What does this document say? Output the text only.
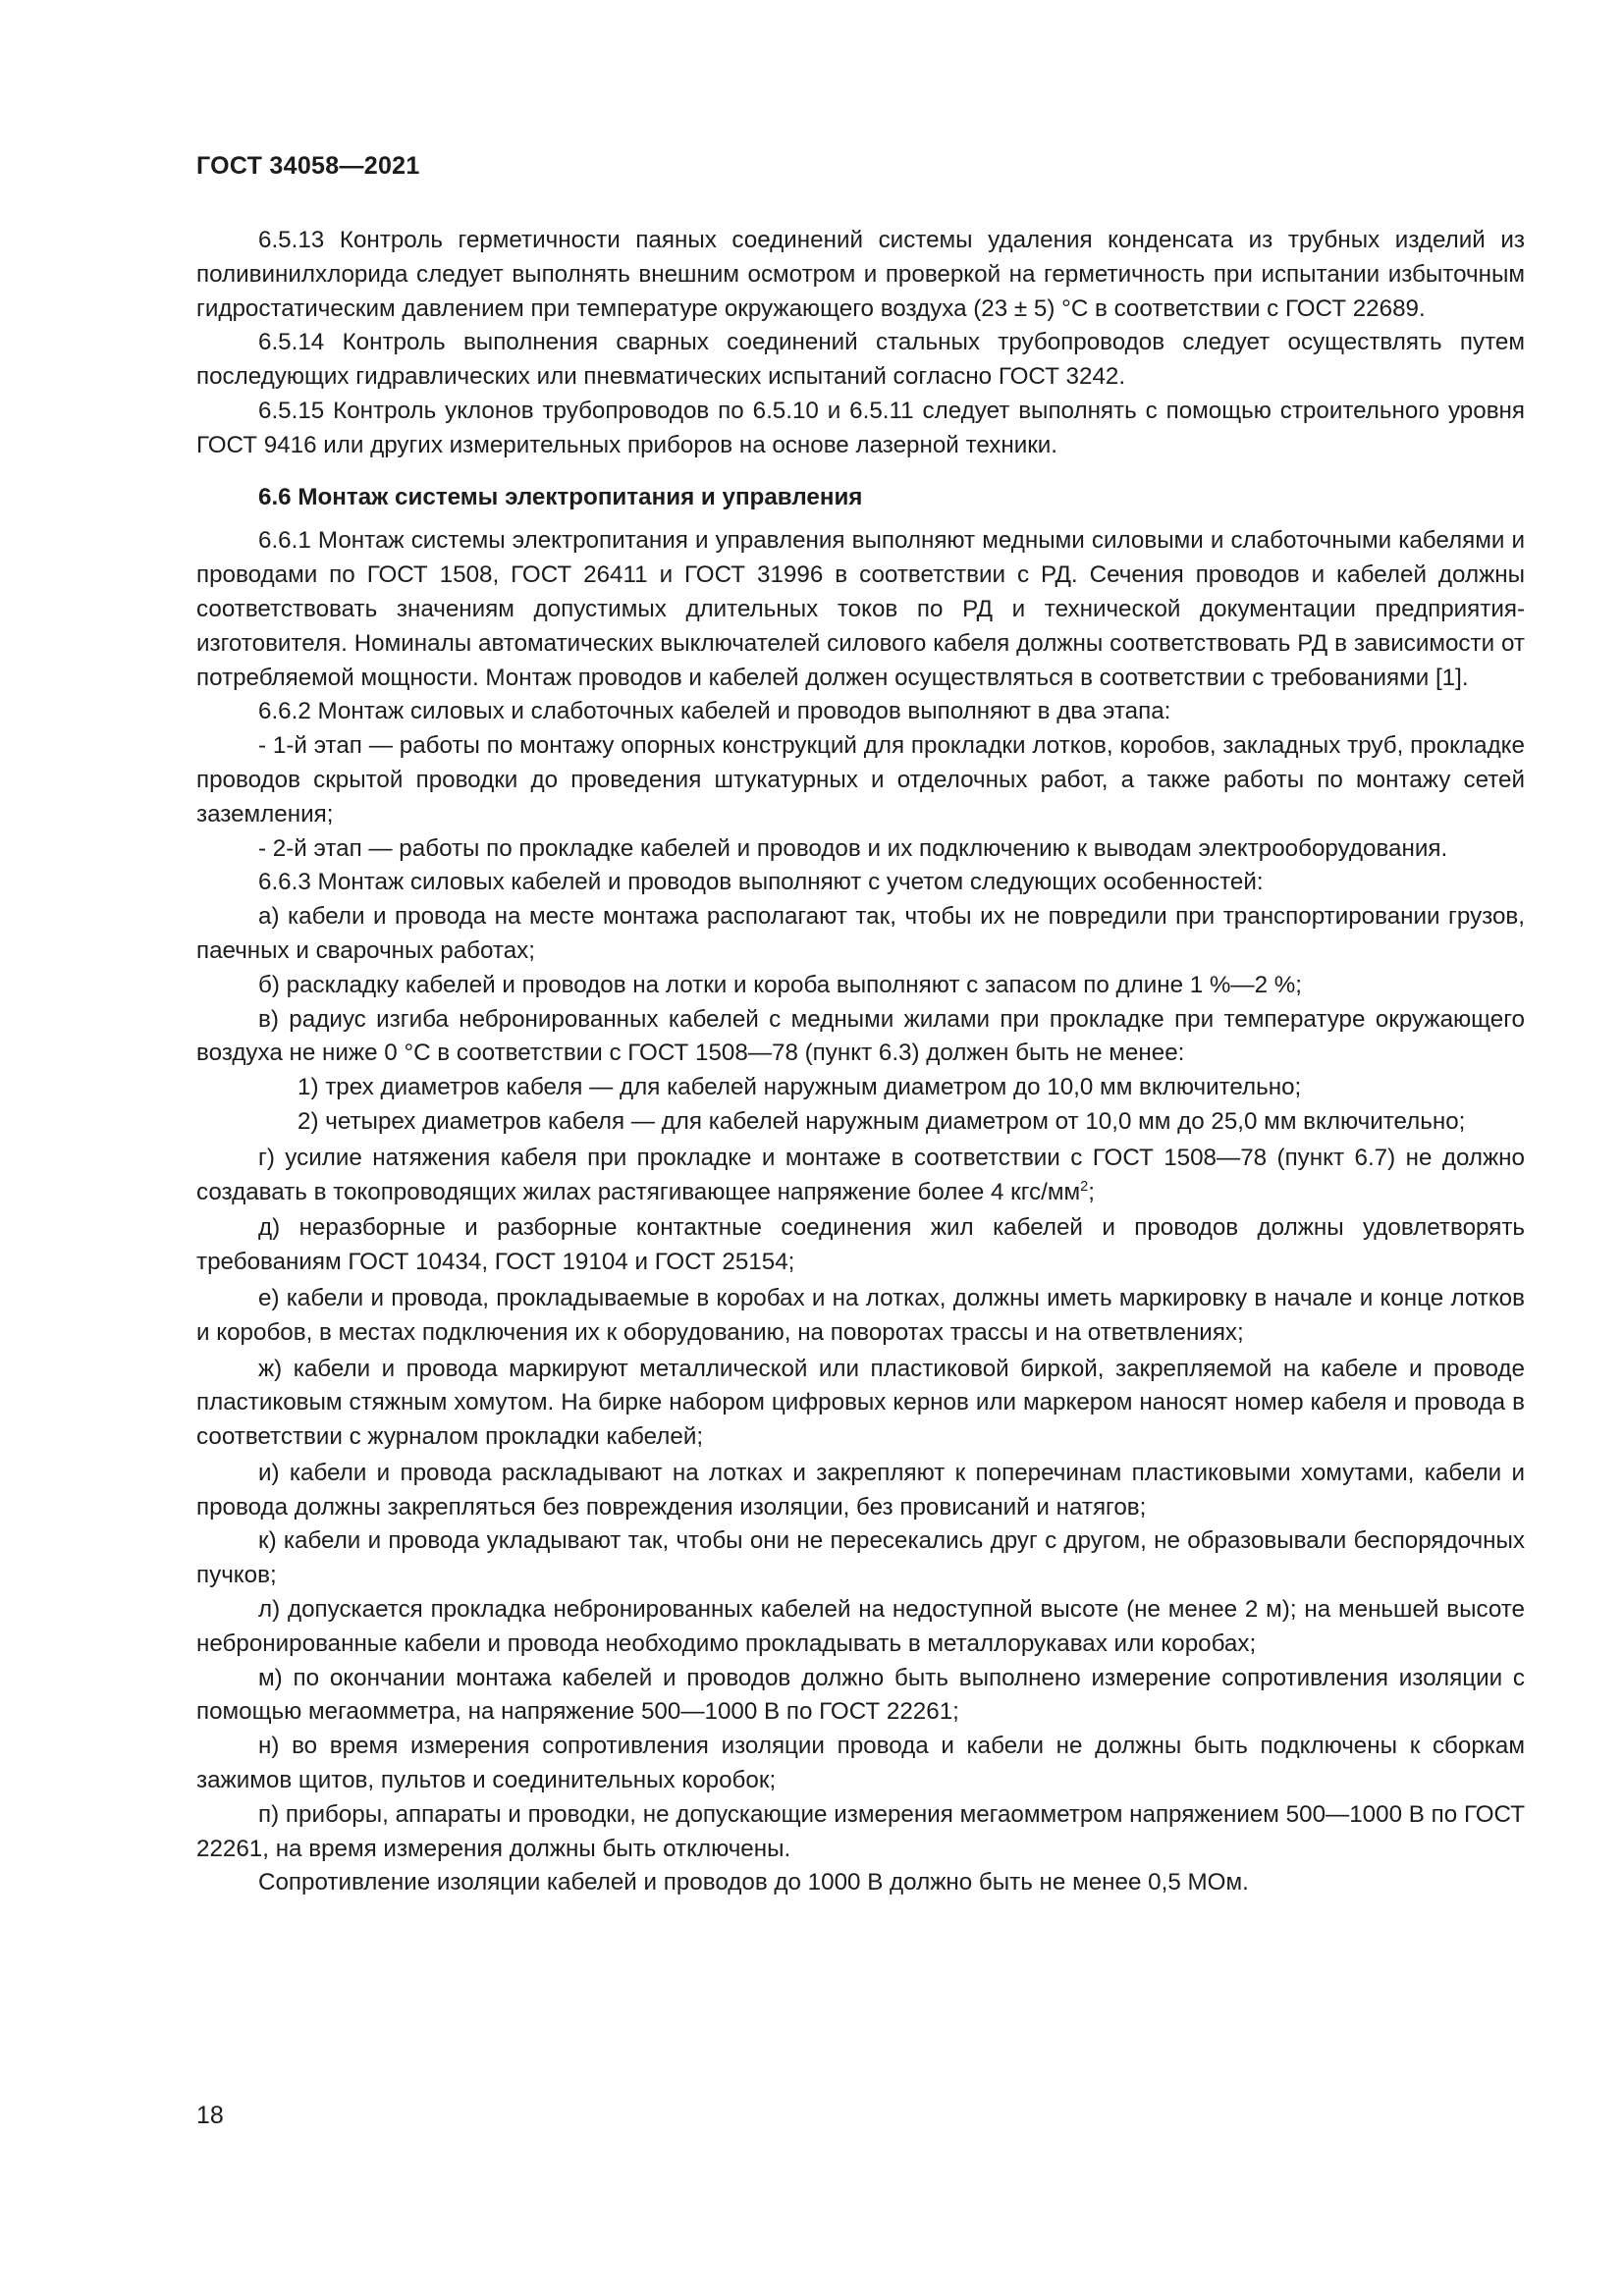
ГОСТ 34058—2021

6.5.13 Контроль герметичности паяных соединений системы удаления конденсата из трубных изделий из поливинилхлорида следует выполнять внешним осмотром и проверкой на герметичность при испытании избыточным гидростатическим давлением при температуре окружающего воздуха (23 ± 5) °С в соответствии с ГОСТ 22689.

6.5.14 Контроль выполнения сварных соединений стальных трубопроводов следует осуществлять путем последующих гидравлических или пневматических испытаний согласно ГОСТ 3242.

6.5.15 Контроль уклонов трубопроводов по 6.5.10 и 6.5.11 следует выполнять с помощью строительного уровня ГОСТ 9416 или других измерительных приборов на основе лазерной техники.

6.6 Монтаж системы электропитания и управления

6.6.1 Монтаж системы электропитания и управления выполняют медными силовыми и слаботочными кабелями и проводами по ГОСТ 1508, ГОСТ 26411 и ГОСТ 31996 в соответствии с РД. Сечения проводов и кабелей должны соответствовать значениям допустимых длительных токов по РД и технической документации предприятия-изготовителя. Номиналы автоматических выключателей силового кабеля должны соответствовать РД в зависимости от потребляемой мощности. Монтаж проводов и кабелей должен осуществляться в соответствии с требованиями [1].

6.6.2 Монтаж силовых и слаботочных кабелей и проводов выполняют в два этапа:

- 1-й этап — работы по монтажу опорных конструкций для прокладки лотков, коробов, закладных труб, прокладке проводов скрытой проводки до проведения штукатурных и отделочных работ, а также работы по монтажу сетей заземления;

- 2-й этап — работы по прокладке кабелей и проводов и их подключению к выводам электрооборудования.

6.6.3 Монтаж силовых кабелей и проводов выполняют с учетом следующих особенностей:

а) кабели и провода на месте монтажа располагают так, чтобы их не повредили при транспортировании грузов, паечных и сварочных работах;

б) раскладку кабелей и проводов на лотки и короба выполняют с запасом по длине 1 %—2 %;

в) радиус изгиба небронированных кабелей с медными жилами при прокладке при температуре окружающего воздуха не ниже 0 °С в соответствии с ГОСТ 1508—78 (пункт 6.3) должен быть не менее:

1) трех диаметров кабеля — для кабелей наружным диаметром до 10,0 мм включительно;

2) четырех диаметров кабеля — для кабелей наружным диаметром от 10,0 мм до 25,0 мм включительно;

г) усилие натяжения кабеля при прокладке и монтаже в соответствии с ГОСТ 1508—78 (пункт 6.7) не должно создавать в токопроводящих жилах растягивающее напряжение более 4 кгс/$мм^2$;

д) неразборные и разборные контактные соединения жил кабелей и проводов должны удовлетворять требованиям ГОСТ 10434, ГОСТ 19104 и ГОСТ 25154;

е) кабели и провода, прокладываемые в коробах и на лотках, должны иметь маркировку в начале и конце лотков и коробов, в местах подключения их к оборудованию, на поворотах трассы и на ответвлениях;

ж) кабели и провода маркируют металлической или пластиковой биркой, закрепляемой на кабеле и проводе пластиковым стяжным хомутом. На бирке набором цифровых кернов или маркером наносят номер кабеля и провода в соответствии с журналом прокладки кабелей;

и) кабели и провода раскладывают на лотках и закрепляют к поперечинам пластиковыми хомутами, кабели и провода должны закрепляться без повреждения изоляции, без провисаний и натягов;

к) кабели и провода укладывают так, чтобы они не пересекались друг с другом, не образовывали беспорядочных пучков;

л) допускается прокладка небронированных кабелей на недоступной высоте (не менее 2 м); на меньшей высоте небронированные кабели и провода необходимо прокладывать в металлорукавах или коробах;

м) по окончании монтажа кабелей и проводов должно быть выполнено измерение сопротивления изоляции с помощью мегаомметра, на напряжение 500—1000 В по ГОСТ 22261;

н) во время измерения сопротивления изоляции провода и кабели не должны быть подключены к сборкам зажимов щитов, пультов и соединительных коробок;

п) приборы, аппараты и проводки, не допускающие измерения мегаомметром напряжением 500—1000 В по ГОСТ 22261, на время измерения должны быть отключены.

Сопротивление изоляции кабелей и проводов до 1000 В должно быть не менее 0,5 МОм.

18
